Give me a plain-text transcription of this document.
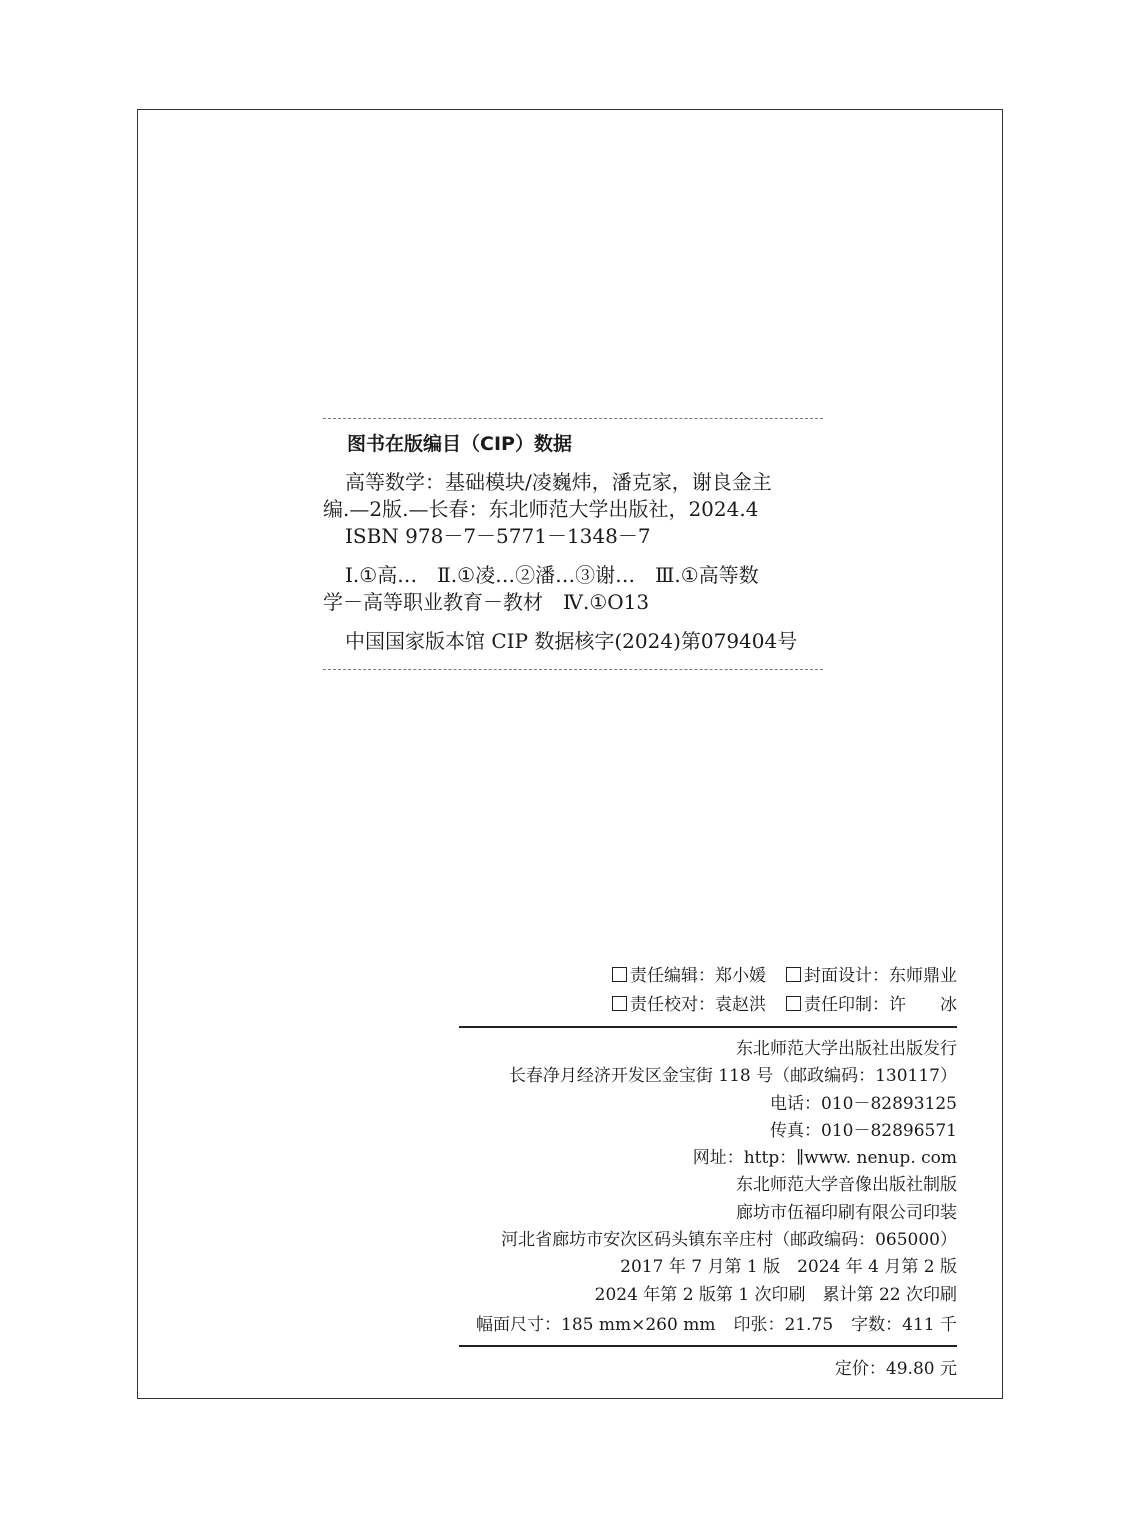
图书在版编目（CIP）数据
高等数学：基础模块/凌巍炜，潘克家，谢良金主
编.—2版.—长春：东北师范大学出版社，2024.4
ISBN 978－7－5771－1348－7
Ⅰ.①高…　Ⅱ.①凌…②潘…③谢…　Ⅲ.①高等数
学－高等职业教育－教材　Ⅳ.①O13
中国国家版本馆 CIP 数据核字(2024)第079404号
责任编辑：郑小媛 封面设计：东师鼎业
责任校对：袁赵洪 责任印制：许　　冰
东北师范大学出版社出版发行
长春净月经济开发区金宝街 118 号（邮政编码：130117）
电话：010－82893125
传真：010－82896571
网址：http：∥www. nenup. com
东北师范大学音像出版社制版
廊坊市伍福印刷有限公司印装
河北省廊坊市安次区码头镇东辛庄村（邮政编码：065000）
2017 年 7 月第 1 版　2024 年 4 月第 2 版
2024 年第 2 版第 1 次印刷　累计第 22 次印刷
幅面尺寸：185 mm×260 mm 印张：21.75 字数：411 千
定价：49.80 元
